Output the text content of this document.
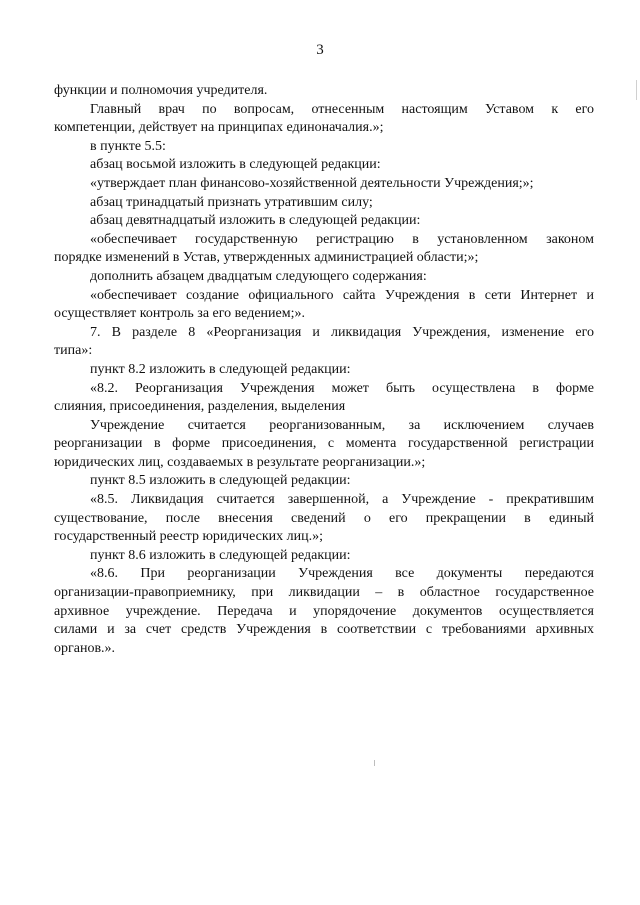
3
функции и полномочия учредителя.
Главный врач по вопросам, отнесенным настоящим Уставом к его
компетенции, действует на принципах единоначалия.»;
в пункте 5.5:
абзац восьмой изложить в следующей редакции:
«утверждает план финансово-хозяйственной деятельности Учреждения;»;
абзац тринадцатый признать утратившим силу;
абзац девятнадцатый изложить в следующей редакции:
«обеспечивает государственную регистрацию в установленном законом
порядке изменений в Устав, утвержденных администрацией области;»;
дополнить абзацем двадцатым следующего содержания:
«обеспечивает создание официального сайта Учреждения в сети Интернет и
осуществляет контроль за его ведением;».
7. В разделе 8 «Реорганизация и ликвидация Учреждения, изменение его
типа»:
пункт 8.2 изложить в следующей редакции:
«8.2. Реорганизация Учреждения может быть осуществлена в форме
слияния, присоединения, разделения, выделения
Учреждение считается реорганизованным, за исключением случаев
реорганизации в форме присоединения, с момента государственной регистрации
юридических лиц, создаваемых в результате реорганизации.»;
пункт 8.5 изложить в следующей редакции:
«8.5. Ликвидация считается завершенной, а Учреждение - прекратившим
существование, после внесения сведений о его прекращении в единый
государственный реестр юридических лиц.»;
пункт 8.6 изложить в следующей редакции:
«8.6. При реорганизации Учреждения все документы передаются
организации-правоприемнику, при ликвидации – в областное государственное
архивное учреждение. Передача и упорядочение документов осуществляется
силами и за счет средств Учреждения в соответствии с требованиями архивных
органов.».
